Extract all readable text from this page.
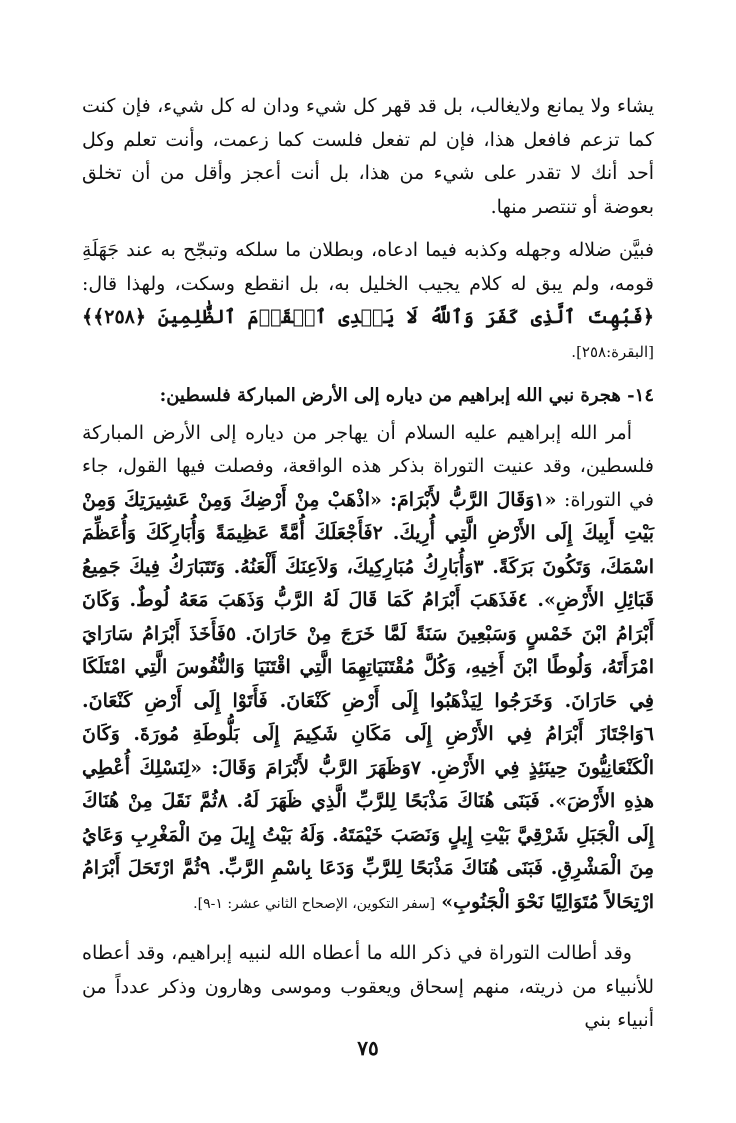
يشاء ولا يمانع ولايغالب، بل قد قهر كل شيء ودان له كل شيء، فإن كنت كما تزعم فافعل هذا، فإن لم تفعل فلست كما زعمت، وأنت تعلم وكل أحد أنك لا تقدر على شيء من هذا، بل أنت أعجز وأقل من أن تخلق بعوضة أو تنتصر منها.

فبيَّن ضلاله وجهله وكذبه فيما ادعاه، وبطلان ما سلكه وتبجّح به عند جَهَلَةِ قومه، ولم يبق له كلام يجيب الخليل به، بل انقطع وسكت، ولهذا قال: ﴿فَبُهِتَ ٱلَّذِى كَفَرَ وَٱللَّهُ لَا يَهۡدِى ٱلۡقَوۡمَ ٱلظَّٰلِمِينَ ﴿٢٥٨﴾﴾ [البقرة:٢٥٨].

١٤- هجرة نبي الله إبراهيم من دياره إلى الأرض المباركة فلسطين:

أمر الله إبراهيم عليه السلام أن يهاجر من دياره إلى الأرض المباركة فلسطين، وقد عنيت التوراة بذكر هذه الواقعة، وفصلت فيها القول، جاء في التوراة: «١وَقَالَ الرَّبُّ لأَبْرَامَ: «اذْهَبْ مِنْ أَرْضِكَ وَمِنْ عَشِيرَتِكَ وَمِنْ بَيْتِ أَبِيكَ إِلَى الأَرْضِ الَّتِي أُرِيكَ. ٢فَأَجْعَلَكَ أُمَّةً عَظِيمَةً وَأُبَارِكَكَ وَأُعَظِّمَ اسْمَكَ، وَتَكُونَ بَرَكَةً. ٣وَأُبَارِكُ مُبَارِكِيكَ، وَلاَعِنَكَ أَلْعَنُهُ. وَتَتَبَارَكُ فِيكَ جَمِيعُ قَبَائِلِ الأَرْضِ». ٤فَذَهَبَ أَبْرَامُ كَمَا قَالَ لَهُ الرَّبُّ وَذَهَبَ مَعَهُ لُوطٌ. وَكَانَ أَبْرَامُ ابْنَ خَمْسٍ وَسَبْعِينَ سَنَةً لَمَّا خَرَجَ مِنْ حَارَانَ. ٥فَأَخَذَ أَبْرَامُ سَارَايَ امْرَأَتَهُ، وَلُوطًا ابْنَ أَخِيهِ، وَكُلَّ مُقْتَنَيَاتِهِمَا الَّتِي اقْتَنَيَا وَالنُّفُوسَ الَّتِي امْتَلَكَا فِي حَارَانَ. وَخَرَجُوا لِيَذْهَبُوا إِلَى أَرْضِ كَنْعَانَ. فَأَتَوْا إِلَى أَرْضِ كَنْعَانَ. ٦وَاجْتَازَ أَبْرَامُ فِي الأَرْضِ إِلَى مَكَانِ شَكِيمَ إِلَى بَلُّوطَةِ مُورَةَ. وَكَانَ الْكَنْعَانِيُّونَ حِينَئِذٍ فِي الأَرْضِ. ٧وَظَهَرَ الرَّبُّ لأَبْرَامَ وَقَالَ: «لِنَسْلِكَ أُعْطِي هذِهِ الأَرْضَ». فَبَنَى هُنَاكَ مَذْبَحًا لِلرَّبِّ الَّذِي ظَهَرَ لَهُ. ٨ثُمَّ نَقَلَ مِنْ هُنَاكَ إِلَى الْجَبَلِ شَرْقِيَّ بَيْتِ إِيلٍ وَنَصَبَ خَيْمَتَهُ. وَلَهُ بَيْتُ إِيلَ مِنَ الْمَغْرِبِ وَعَايُ مِنَ الْمَشْرِقِ. فَبَنَى هُنَاكَ مَذْبَحًا لِلرَّبِّ وَدَعَا بِاسْمِ الرَّبِّ. ٩ثُمَّ ارْتَحَلَ أَبْرَامُ ارْتِحَالاً مُتَوَالِيًا نَحْوَ الْجَنُوبِ» [سفر التكوين، الإصحاح الثاني عشر: ١-٩].

وقد أطالت التوراة في ذكر الله ما أعطاه الله لنبيه إبراهيم، وقد أعطاه للأنبياء من ذريته، منهم إسحاق ويعقوب وموسى وهارون وذكر عدداً من أنبياء بني

٧٥
